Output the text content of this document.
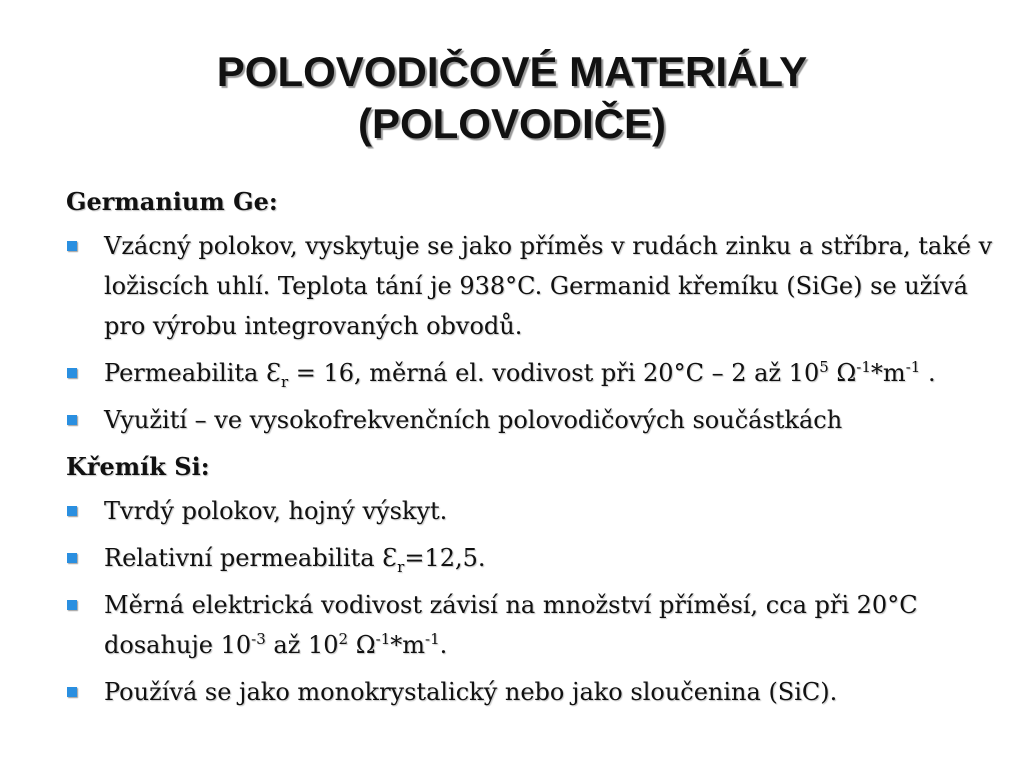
POLOVODIČOVÉ MATERIÁLY
(POLOVODIČE)

Germanium Ge:

Vzácný polokov, vyskytuje se jako příměs v rudách zinku a stříbra, také v ložiscích uhlí. Teplota tání je 938°C. Germanid křemíku (SiGe) se užívá pro výrobu integrovaných obvodů.
Permeabilita $Ɛ_r = 16$, měrná el. vodivost při 20°C – 2 až $10^5$ $\Omega^{-1}*m^{-1}$ .
Využití – ve vysokofrekvenčních polovodičových součástkách

Křemík Si:

Tvrdý polokov, hojný výskyt.
Relativní permeabilita $Ɛ_r=12,5$.
Měrná elektrická vodivost závisí na množství příměsí, cca při 20°C dosahuje $10^{-3}$ až $10^2$ $\Omega^{-1}*m^{-1}$.
Používá se jako monokrystalický nebo jako sloučenina (SiC).
